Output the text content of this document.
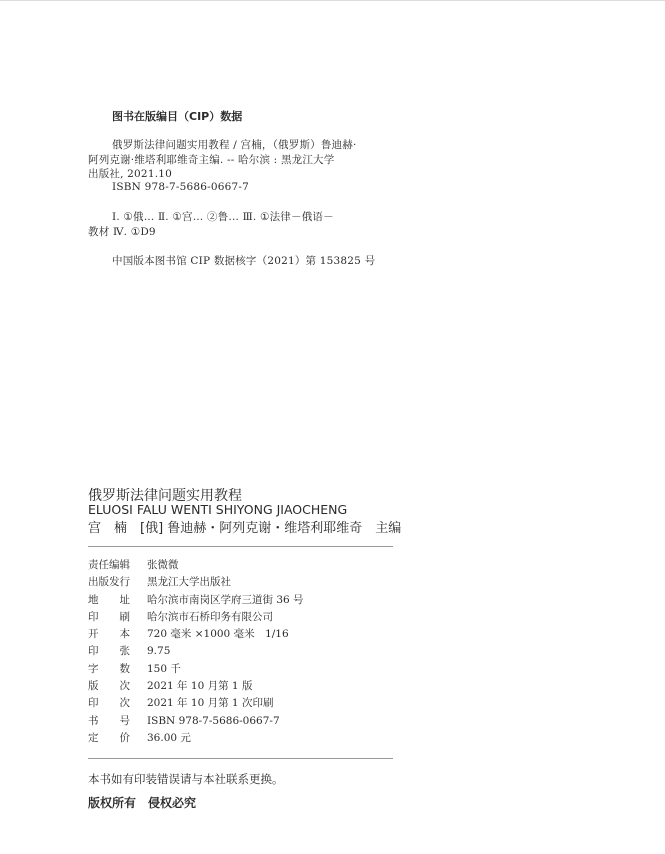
图书在版编目（CIP）数据
俄罗斯法律问题实用教程 / 宫楠，（俄罗斯）鲁迪赫·
阿列克谢·维塔利耶维奇主编. -- 哈尔滨 : 黑龙江大学
出版社, 2021.10
ISBN 978-7-5686-0667-7
Ⅰ. ①俄… Ⅱ. ①宫… ②鲁… Ⅲ. ①法律－俄语－
教材 Ⅳ. ①D9
中国版本图书馆 CIP 数据核字（2021）第 153825 号
俄罗斯法律问题实用教程
ELUOSI FALU WENTI SHIYONG JIAOCHENG
宫　楠　[俄] 鲁迪赫・阿列克谢・维塔利耶维奇　主编
责任编辑 张微微
出版发行 黑龙江大学出版社
地　　址 哈尔滨市南岗区学府三道街 36 号
印　　刷 哈尔滨市石桥印务有限公司
开　　本 720 毫米 ×1000 毫米　1/16
印　　张 9.75
字　　数 150 千
版　　次 2021 年 10 月第 1 版
印　　次 2021 年 10 月第 1 次印刷
书　　号 ISBN 978-7-5686-0667-7
定　　价 36.00 元
本书如有印装错误请与本社联系更换。
版权所有　侵权必究
